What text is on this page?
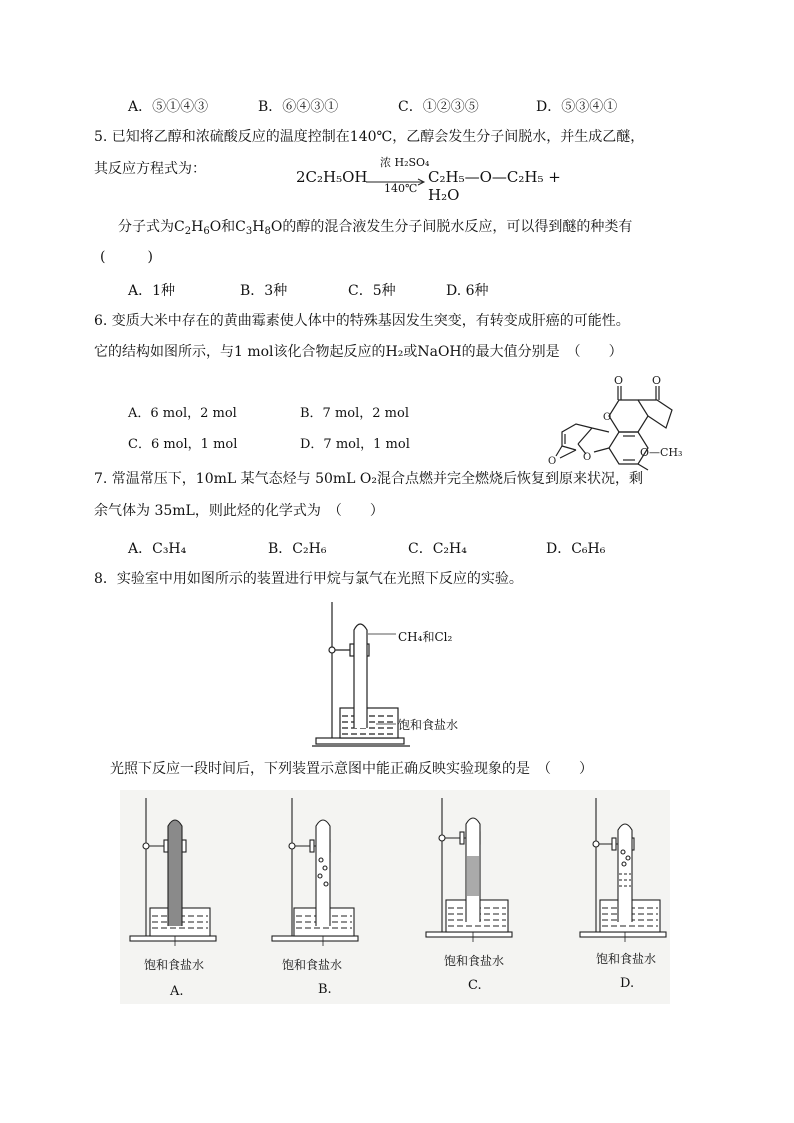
A．⑤①④③	B．⑥④③①	C．①②③⑤	D．⑤③④①
5. 已知将乙醇和浓硫酸反应的温度控制在140℃，乙醇会发生分子间脱水，并生成乙醚，
其反应方程式为：	2C₂H₅OH
浓 H₂SO₄
140℃
C₂H₅—O—C₂H₅ + H₂O
分子式为$C_2H_6O$和$C_3H_8O$的醇的混合液发生分子间脱水反应，可以得到醚的种类有
(　　　)
A．1种	B．3种	C．5种	D. 6种
6. 变质大米中存在的黄曲霉素使人体中的特殊基因发生突变，有转变成肝癌的可能性。
它的结构如图所示，与1 mol该化合物起反应的H₂或NaOH的最大值分别是　（　　）
A．6 mol，2 mol	B．7 mol，2 mol
C．6 mol，1 mol	D．7 mol，1 mol
O	O
O
O
O
O—CH₃
7. 常温常压下，10mL 某气态烃与 50mL O₂混合点燃并完全燃烧后恢复到原来状况，剩
余气体为 35mL，则此烃的化学式为　（　　）
A．C₃H₄	B．C₂H₆	C．C₂H₄	D．C₆H₆
8．实验室中用如图所示的装置进行甲烷与氯气在光照下反应的实验。
CH₄和Cl₂
饱和食盐水
光照下反应一段时间后，下列装置示意图中能正确反映实验现象的是　（　　）
饱和食盐水
A.
饱和食盐水
B.
饱和食盐水
C.
饱和食盐水
D.
